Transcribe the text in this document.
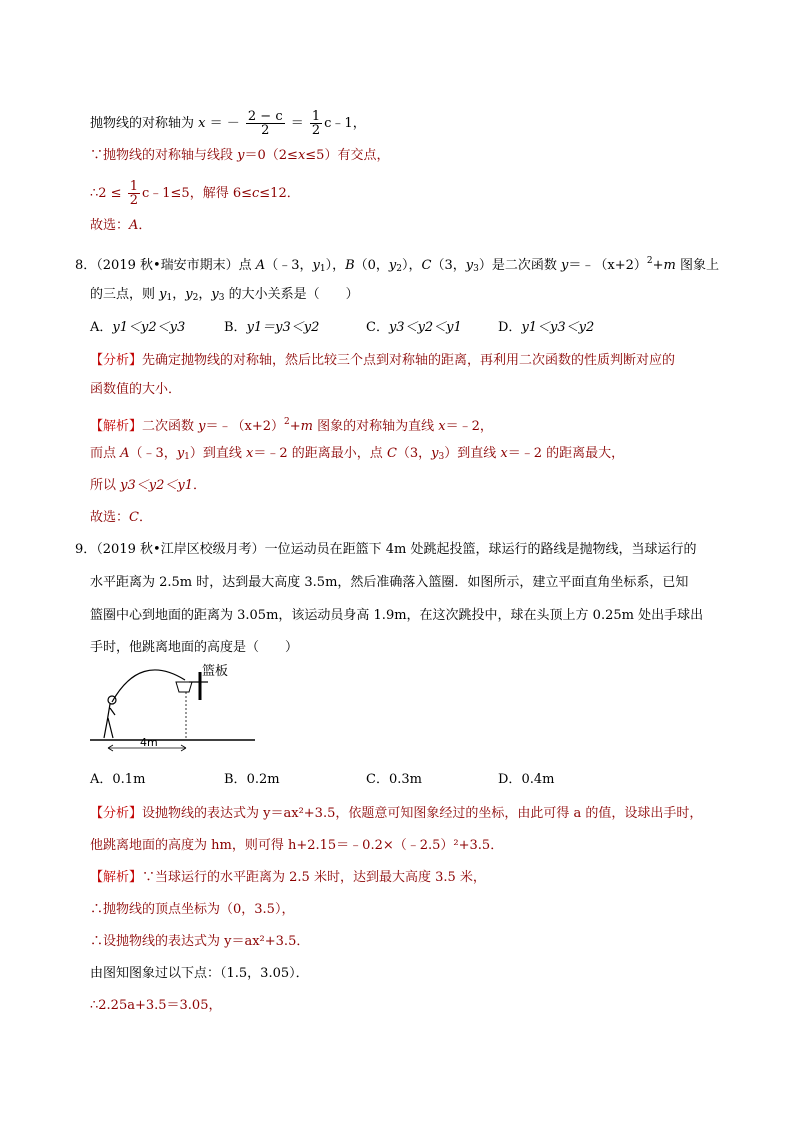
抛物线的对称轴为 x ＝ － $\frac{2 - c}{2} = \frac{1}{2}$ c﹣1，
∵抛物线的对称轴与线段 y＝0（2≤x≤5）有交点，
∴2 ≤ $\frac{1}{2}$ c﹣1≤5，解得 6≤c≤12．
故选：A．
8．（2019 秋•瑞安市期末）点 A（﹣3，$y_1$），B（0，$y_2$），C（3，$y_3$）是二次函数 $y=﹣(x+2)^2+m$ 图象上
的三点，则 $y_1$，$y_2$，$y_3$ 的大小关系是（　　）
A．y1＜y2＜y3	B．y1＝y3＜y2	C．y3＜y2＜y1	D．y1＜y3＜y2
【分析】先确定抛物线的对称轴，然后比较三个点到对称轴的距离，再利用二次函数的性质判断对应的
函数值的大小．
【解析】二次函数 $y=﹣(x+2)^2+m$ 图象的对称轴为直线 x＝﹣2，
而点 A（﹣3，$y_1$）到直线 x＝﹣2 的距离最小，点 C（3，$y_3$）到直线 x＝﹣2 的距离最大，
所以 y3＜y2＜y1．
故选：C．
9．（2019 秋•江岸区校级月考）一位运动员在距篮下 4m 处跳起投篮，球运行的路线是抛物线，当球运行的
水平距离为 2.5m 时，达到最大高度 3.5m，然后准确落入篮圈．如图所示，建立平面直角坐标系，已知
篮圈中心到地面的距离为 3.05m，该运动员身高 1.9m，在这次跳投中，球在头顶上方 0.25m 处出手球出
手时，他跳离地面的高度是（　　）
篮板
4m
A．0.1m	B．0.2m	C．0.3m	D．0.4m
【分析】设抛物线的表达式为 y＝ax²+3.5，依题意可知图象经过的坐标，由此可得 a 的值，设球出手时，
他跳离地面的高度为 hm，则可得 h+2.15＝﹣0.2×（﹣2.5）²+3.5．
【解析】∵当球运行的水平距离为 2.5 米时，达到最大高度 3.5 米，
∴抛物线的顶点坐标为（0，3.5），
∴设抛物线的表达式为 y＝ax²+3.5．
由图知图象过以下点：（1.5，3.05）．
∴2.25a+3.5＝3.05，
